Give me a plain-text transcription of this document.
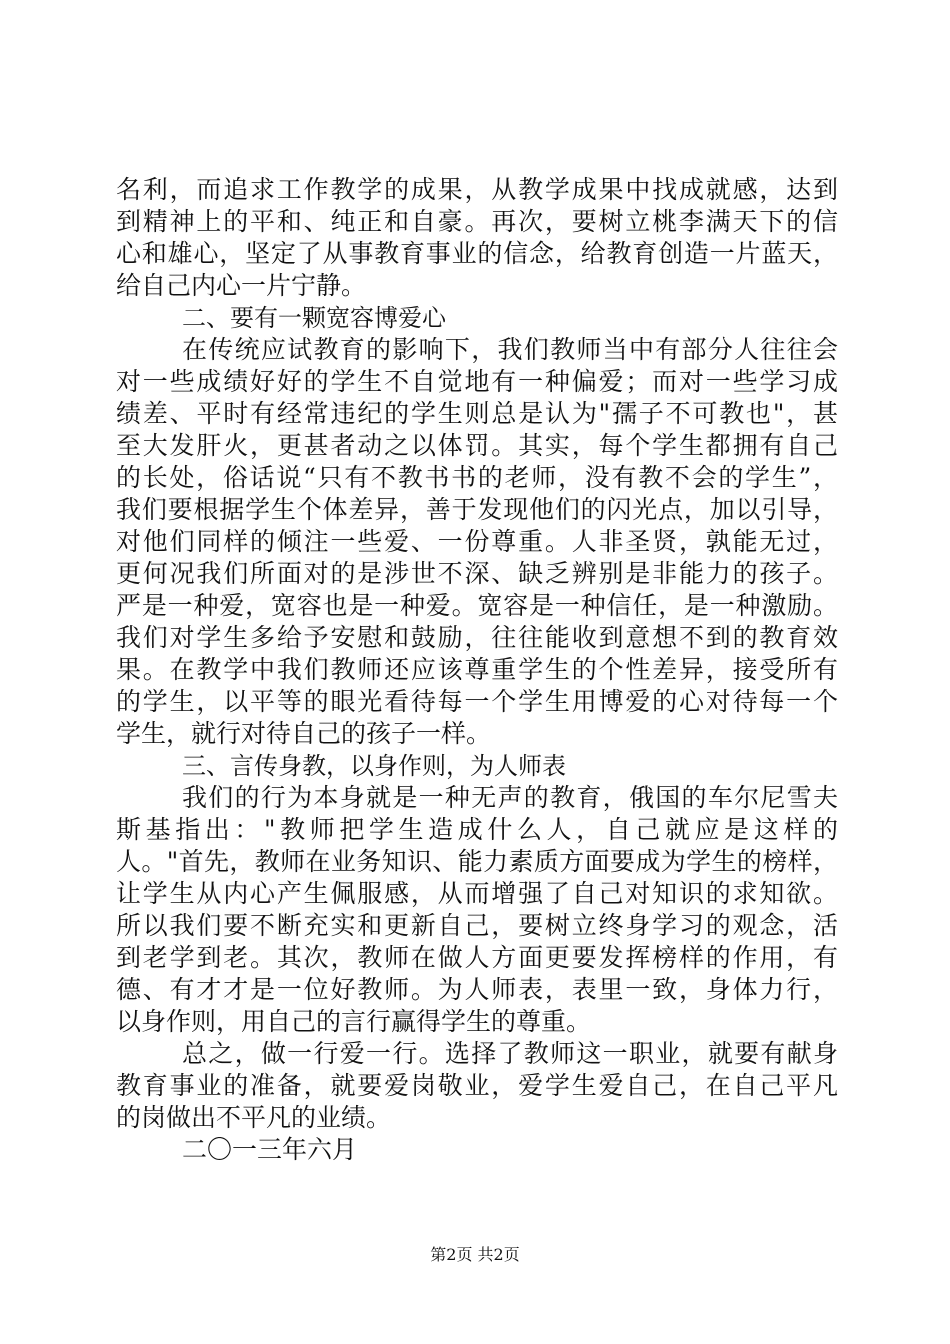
名利，而追求工作教学的成果，从教学成果中找成就感，达到
到精神上的平和、纯正和自豪。再次，要树立桃李满天下的信
心和雄心，坚定了从事教育事业的信念，给教育创造一片蓝天，
给自己内心一片宁静。
二、要有一颗宽容博爱心
在传统应试教育的影响下，我们教师当中有部分人往往会
对一些成绩好好的学生不自觉地有一种偏爱；而对一些学习成
绩差、平时有经常违纪的学生则总是认为"孺子不可教也"，甚
至大发肝火，更甚者动之以体罚。其实，每个学生都拥有自己
的长处，俗话说“只有不教书书的老师，没有教不会的学生”，
我们要根据学生个体差异，善于发现他们的闪光点，加以引导，
对他们同样的倾注一些爱、一份尊重。人非圣贤，孰能无过，
更何况我们所面对的是涉世不深、缺乏辨别是非能力的孩子。
严是一种爱，宽容也是一种爱。宽容是一种信任，是一种激励。
我们对学生多给予安慰和鼓励，往往能收到意想不到的教育效
果。在教学中我们教师还应该尊重学生的个性差异，接受所有
的学生，以平等的眼光看待每一个学生用博爱的心对待每一个
学生，就行对待自己的孩子一样。
三、言传身教，以身作则，为人师表
我们的行为本身就是一种无声的教育，俄国的车尔尼雪夫
斯基指出："教师把学生造成什么人，自己就应是这样的
人。"首先，教师在业务知识、能力素质方面要成为学生的榜样，
让学生从内心产生佩服感，从而增强了自己对知识的求知欲。
所以我们要不断充实和更新自己，要树立终身学习的观念，活
到老学到老。其次，教师在做人方面更要发挥榜样的作用，有
德、有才才是一位好教师。为人师表，表里一致，身体力行，
以身作则，用自己的言行赢得学生的尊重。
总之，做一行爱一行。选择了教师这一职业，就要有献身
教育事业的准备，就要爱岗敬业，爱学生爱自己，在自己平凡
的岗做出不平凡的业绩。
二〇一三年六月
第2页 共2页
